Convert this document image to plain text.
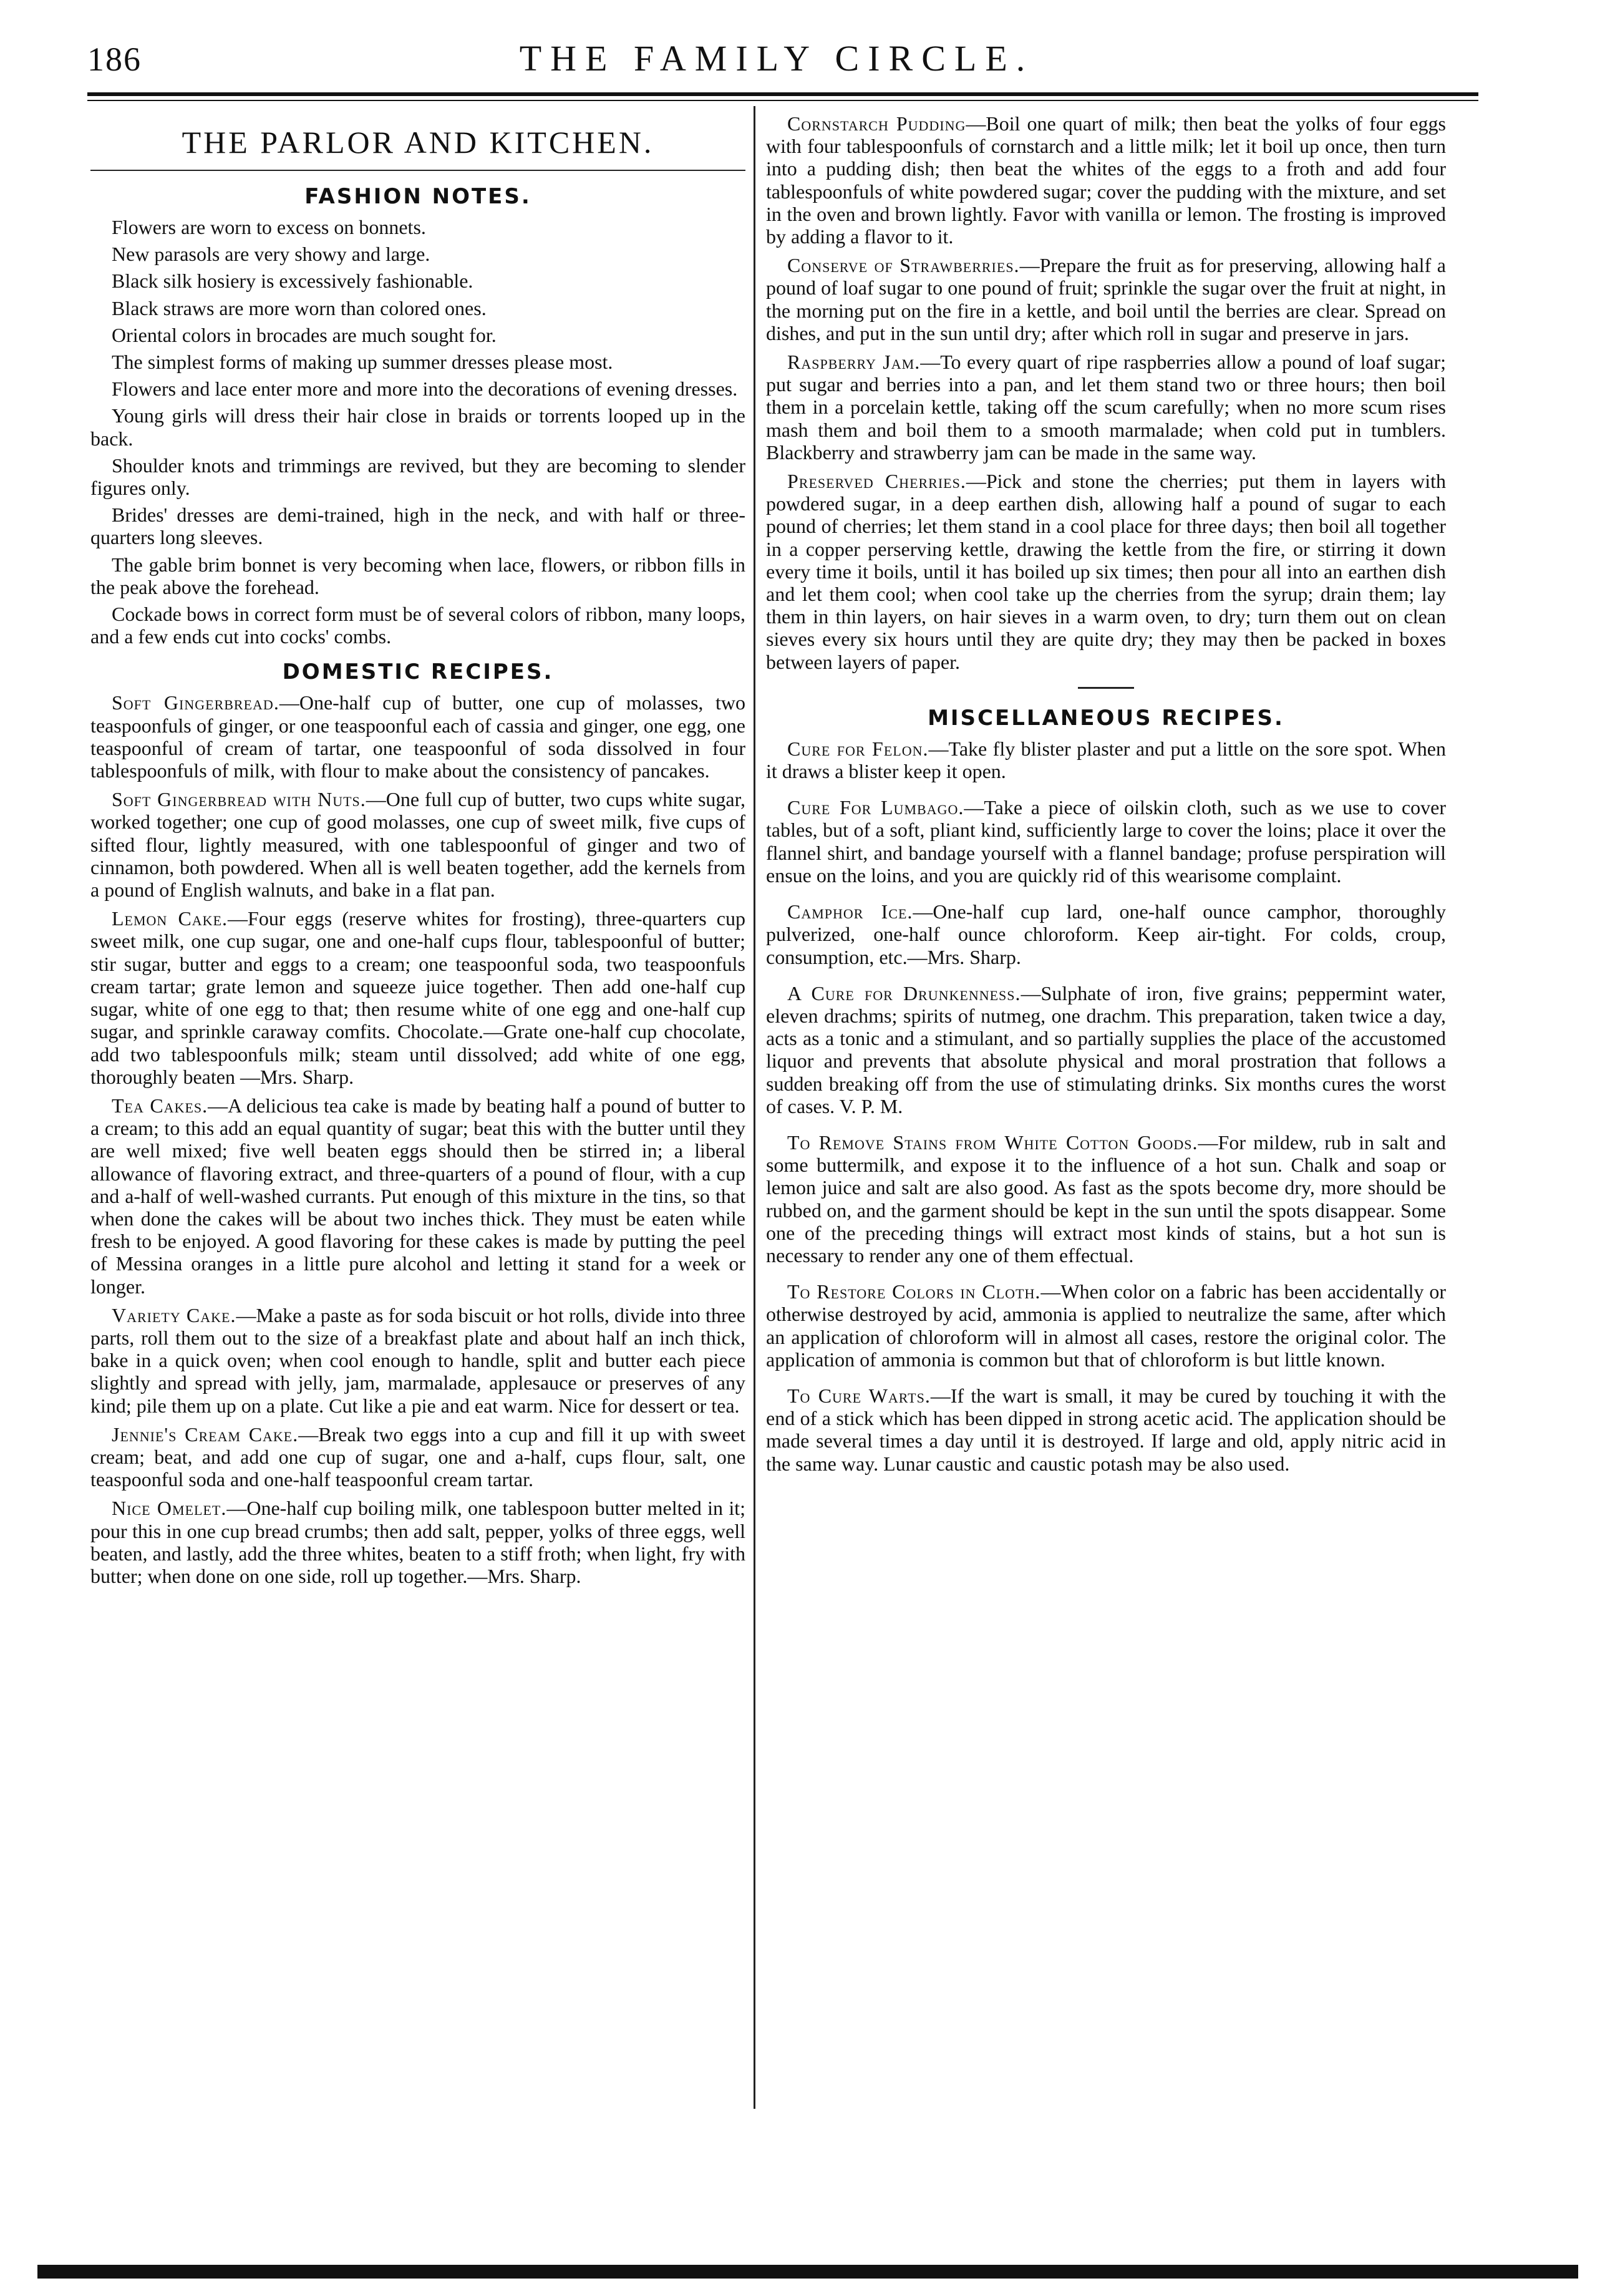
186	THE FAMILY CIRCLE.
THE PARLOR AND KITCHEN.
FASHION NOTES.

Flowers are worn to excess on bonnets.

New parasols are very showy and large.

Black silk hosiery is excessively fashionable.

Black straws are more worn than colored ones.

Oriental colors in brocades are much sought for.

The simplest forms of making up summer dresses please most.

Flowers and lace enter more and more into the decorations of evening dresses.

Young girls will dress their hair close in braids or torrents looped up in the back.

Shoulder knots and trimmings are revived, but they are becoming to slender figures only.

Brides' dresses are demi-trained, high in the neck, and with half or three- quarters long sleeves.

The gable brim bonnet is very becoming when lace, flowers, or ribbon fills in the peak above the forehead.

Cockade bows in correct form must be of several colors of ribbon, many loops, and a few ends cut into cocks' combs.

DOMESTIC RECIPES.

Soft Gingerbread.—One-half cup of butter, one cup of molasses, two teaspoonfuls of ginger, or one teaspoonful each of cassia and ginger, one egg, one teaspoonful of cream of tartar, one teaspoonful of soda dissolved in four tablespoonfuls of milk, with flour to make about the consistency of pancakes.

Soft Gingerbread with Nuts.—One full cup of butter, two cups white sugar, worked together; one cup of good molasses, one cup of sweet milk, five cups of sifted flour, lightly measured, with one tablespoonful of ginger and two of cinnamon, both powdered. When all is well beaten together, add the kernels from a pound of English walnuts, and bake in a flat pan.

Lemon Cake.—Four eggs (reserve whites for frosting), three-quarters cup sweet milk, one cup sugar, one and one-half cups flour, tablespoonful of butter; stir sugar, butter and eggs to a cream; one teaspoonful soda, two teaspoonfuls cream tartar; grate lemon and squeeze juice together. Then add one-half cup sugar, white of one egg to that; then resume white of one egg and one-half cup sugar, and sprinkle caraway comfits. Chocolate.—Grate one-half cup chocolate, add two tablespoonfuls milk; steam until dissolved; add white of one egg, thoroughly beaten —Mrs. Sharp.

Tea Cakes.—A delicious tea cake is made by beating half a pound of butter to a cream; to this add an equal quantity of sugar; beat this with the butter until they are well mixed; five well beaten eggs should then be stirred in; a liberal allowance of flavoring extract, and three-quarters of a pound of flour, with a cup and a-half of well-washed currants. Put enough of this mixture in the tins, so that when done the cakes will be about two inches thick. They must be eaten while fresh to be enjoyed. A good flavoring for these cakes is made by putting the peel of Messina oranges in a little pure alcohol and letting it stand for a week or longer.

Variety Cake.—Make a paste as for soda biscuit or hot rolls, divide into three parts, roll them out to the size of a breakfast plate and about half an inch thick, bake in a quick oven; when cool enough to handle, split and butter each piece slightly and spread with jelly, jam, marmalade, applesauce or preserves of any kind; pile them up on a plate. Cut like a pie and eat warm. Nice for dessert or tea.

Jennie's Cream Cake.—Break two eggs into a cup and fill it up with sweet cream; beat, and add one cup of sugar, one and a-half, cups flour, salt, one teaspoonful soda and one-half teaspoonful cream tartar.

Nice Omelet.—One-half cup boiling milk, one tablespoon butter melted in it; pour this in one cup bread crumbs; then add salt, pepper, yolks of three eggs, well beaten, and lastly, add the three whites, beaten to a stiff froth; when light, fry with butter; when done on one side, roll up together.—Mrs. Sharp.

Cornstarch Pudding—Boil one quart of milk; then beat the yolks of four eggs with four tablespoonfuls of cornstarch and a little milk; let it boil up once, then turn into a pudding dish; then beat the whites of the eggs to a froth and add four tablespoonfuls of white powdered sugar; cover the pudding with the mixture, and set in the oven and brown lightly. Favor with vanilla or lemon. The frosting is improved by adding a flavor to it.

Conserve of Strawberries.—Prepare the fruit as for preserving, allowing half a pound of loaf sugar to one pound of fruit; sprinkle the sugar over the fruit at night, in the morning put on the fire in a kettle, and boil until the berries are clear. Spread on dishes, and put in the sun until dry; after which roll in sugar and preserve in jars.

Raspberry Jam.—To every quart of ripe raspberries allow a pound of loaf sugar; put sugar and berries into a pan, and let them stand two or three hours; then boil them in a porcelain kettle, taking off the scum carefully; when no more scum rises mash them and boil them to a smooth marmalade; when cold put in tumblers. Blackberry and strawberry jam can be made in the same way.

Preserved Cherries.—Pick and stone the cherries; put them in layers with powdered sugar, in a deep earthen dish, allowing half a pound of sugar to each pound of cherries; let them stand in a cool place for three days; then boil all together in a copper perserving kettle, drawing the kettle from the fire, or stirring it down every time it boils, until it has boiled up six times; then pour all into an earthen dish and let them cool; when cool take up the cherries from the syrup; drain them; lay them in thin layers, on hair sieves in a warm oven, to dry; turn them out on clean sieves every six hours until they are quite dry; they may then be packed in boxes between layers of paper.

MISCELLANEOUS RECIPES.

Cure for Felon.—Take fly blister plaster and put a little on the sore spot. When it draws a blister keep it open.

Cure For Lumbago.—Take a piece of oilskin cloth, such as we use to cover tables, but of a soft, pliant kind, sufficiently large to cover the loins; place it over the flannel shirt, and bandage yourself with a flannel bandage; profuse perspiration will ensue on the loins, and you are quickly rid of this wearisome complaint.

Camphor Ice.—One-half cup lard, one-half ounce camphor, thoroughly pulverized, one-half ounce chloroform. Keep air-tight. For colds, croup, consumption, etc.—Mrs. Sharp.

A Cure for Drunkenness.—Sulphate of iron, five grains; peppermint water, eleven drachms; spirits of nutmeg, one drachm. This preparation, taken twice a day, acts as a tonic and a stimulant, and so partially supplies the place of the accustomed liquor and prevents that absolute physical and moral prostration that follows a sudden breaking off from the use of stimulating drinks. Six months cures the worst of cases. V. P. M.

To Remove Stains from White Cotton Goods.—For mildew, rub in salt and some buttermilk, and expose it to the influence of a hot sun. Chalk and soap or lemon juice and salt are also good. As fast as the spots become dry, more should be rubbed on, and the garment should be kept in the sun until the spots disappear. Some one of the preceding things will extract most kinds of stains, but a hot sun is necessary to render any one of them effectual.

To Restore Colors in Cloth.—When color on a fabric has been accidentally or otherwise destroyed by acid, ammonia is applied to neutralize the same, after which an application of chloroform will in almost all cases, restore the original color. The application of ammonia is common but that of chloroform is but little known.

To Cure Warts.—If the wart is small, it may be cured by touching it with the end of a stick which has been dipped in strong acetic acid. The application should be made several times a day until it is destroyed. If large and old, apply nitric acid in the same way. Lunar caustic and caustic potash may be also used.
